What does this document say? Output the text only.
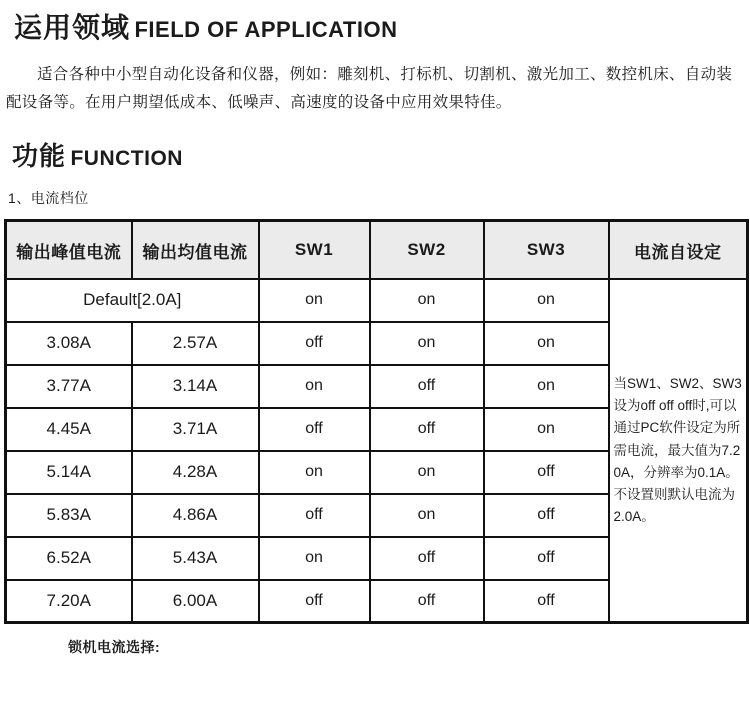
运用领域 FIELD OF APPLICATION

适合各种中小型自动化设备和仪器，例如：雕刻机、打标机、切割机、激光加工、数控机床、自动装配设备等。在用户期望低成本、低噪声、高速度的设备中应用效果特佳。

功能 FUNCTION
1、电流档位
输出峰值电流	输出均值电流	SW1	SW2	SW3	电流自设定
Default[2.0A]		on	on	on	当SW1、SW2、SW3设为off off off时,可以通过PC软件设定为所需电流，最大值为7.20A，分辨率为0.1A。不设置则默认电流为2.0A。
3.08A	2.57A	off	on	on	
3.77A	3.14A	on	off	on	
4.45A	3.71A	off	off	on	
5.14A	4.28A	on	on	off	
5.83A	4.86A	off	on	off	
6.52A	5.43A	on	off	off	
7.20A	6.00A	off	off	off	
锁机电流选择:
